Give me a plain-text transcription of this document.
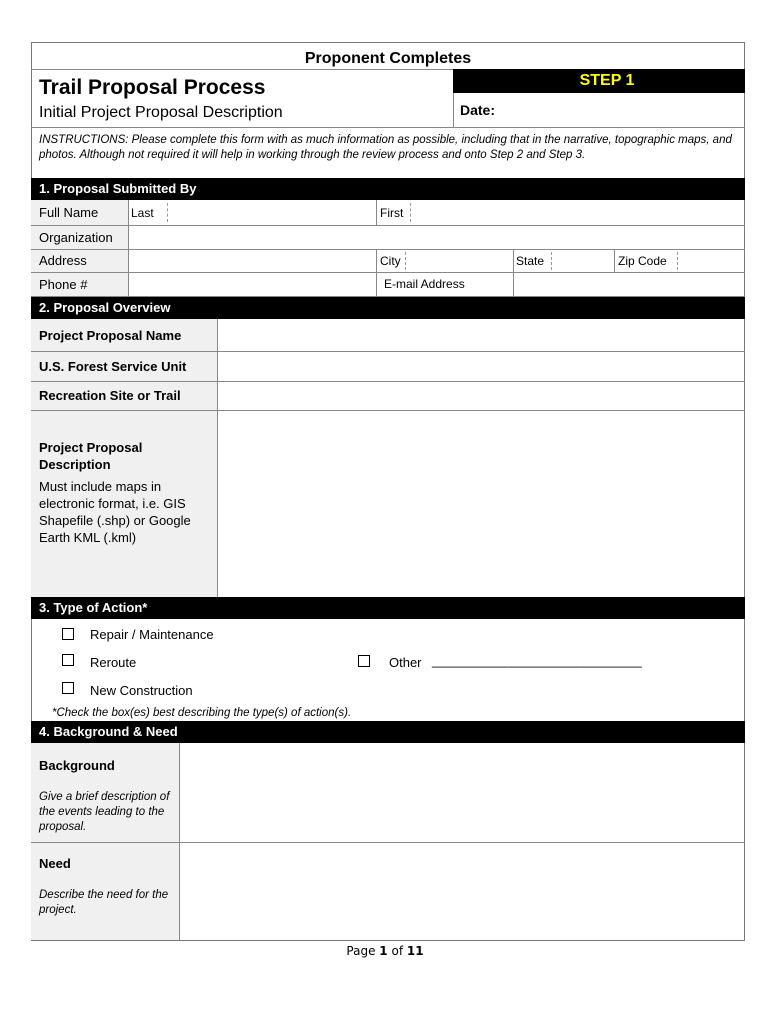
Proponent Completes
Trail Proposal Process
Initial Project Proposal Description
STEP 1
Date:
INSTRUCTIONS: Please complete this form with as much information as possible, including that in the narrative, topographic maps, and photos. Although not required it will help in working through the review process and onto Step 2 and Step 3.
1. Proposal Submitted By
Full Name	Last	First
Organization
Address	City	State	Zip Code
Phone #	E-mail Address
2. Proposal Overview
Project Proposal Name
U.S. Forest Service Unit
Recreation Site or Trail
Project Proposal Description
Must include maps in electronic format, i.e. GIS Shapefile (.shp) or Google Earth KML (.kml)
3. Type of Action*
Repair / Maintenance
Reroute	Other _____________________________
New Construction
*Check the box(es) best describing the type(s) of action(s).
4. Background & Need
Background
Give a brief description of the events leading to the proposal.
Need
Describe the need for the project.
Page 1 of 11
